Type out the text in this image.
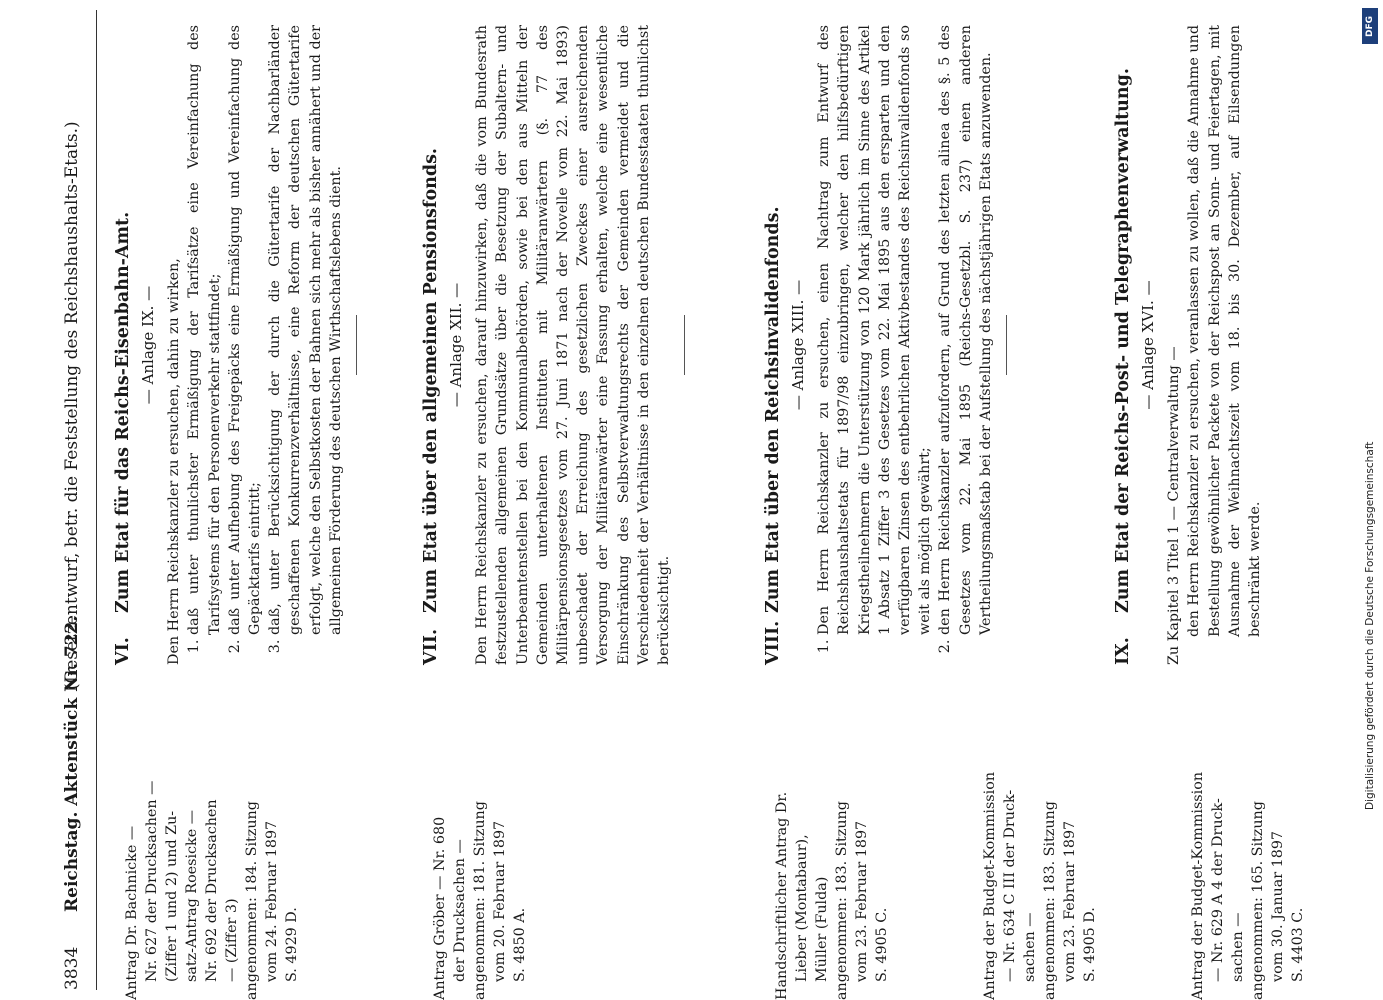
3834
Reichstag. Aktenstück Nr. 722.
(Gesetzentwurf, betr. die Feststellung des Reichshaushalts-Etats.)

Antrag Dr. Bachnicke — Nr. 627 der Drucksachen — (Ziffer 1 und 2) und Zu- satz-Antrag Roesicke — Nr. 692 der Drucksachen — (Ziffer 3) angenommen: 184. Sitzung vom 24. Februar 1897 S. 4929 D.

VI.Zum Etat für das Reichs-Eisenbahn-Amt. — Anlage IX. — Den Herrn Reichskanzler zu ersuchen, dahin zu wirken, 1. daß unter thunlichster Ermäßigung der Tarifsätze eine Vereinfachung des Tarifsystems für den Personenverkehr stattfindet; 2. daß unter Aufhebung des Freigepäcks eine Ermäßigung und Vereinfachung des Gepäcktarifs eintritt; 3. daß, unter Berücksichtigung der durch die Gütertarife der Nachbarländer geschaffenen Konkurrenzverhältnisse, eine Reform der deutschen Gütertarife erfolgt, welche den Selbstkosten der Bahnen sich mehr als bisher annähert und der allgemeinen Förderung des deutschen Wirthschaftslebens dient.

Antrag Gröber — Nr. 680 der Drucksachen — angenommen: 181. Sitzung vom 20. Februar 1897 S. 4850 A.

VII.Zum Etat über den allgemeinen Pensionsfonds. — Anlage XII. — Den Herrn Reichskanzler zu ersuchen, darauf hinzuwirken, daß die vom Bundesrath festzustellenden allgemeinen Grundsätze über die Besetzung der Subaltern- und Unterbeamtenstellen bei den Kommunalbehörden, sowie bei den aus Mitteln der Gemeinden unterhaltenen Instituten mit Militäranwärtern (§. 77 des Militärpensionsgesetzes vom 27. Juni 1871 nach der Novelle vom 22. Mai 1893) unbeschadet der Erreichung des gesetzlichen Zweckes einer ausreichenden Versorgung der Militäranwärter eine Fassung erhalten, welche eine wesentliche Einschränkung des Selbstverwaltungsrechts der Gemeinden vermeidet und die Verschiedenheit der Verhältnisse in den einzelnen deutschen Bundesstaaten thunlichst berücksichtigt.

Handschriftlicher Antrag Dr. Lieber (Montabaur), Müller (Fulda) angenommen: 183. Sitzung vom 23. Februar 1897 S. 4905 C.	Antrag der Budget-Kommission — Nr. 634 C III der Druck- sachen — angenommen: 183. Sitzung vom 23. Februar 1897 S. 4905 D.

VIII.Zum Etat über den Reichsinvalidenfonds. — Anlage XIII. — 1. Den Herrn Reichskanzler zu ersuchen, einen Nachtrag zum Entwurf des Reichshaushaltsetats für 1897/98 einzubringen, welcher den hilfsbedürftigen Kriegstheilnehmern die Unterstützung von 120 Mark jährlich im Sinne des Artikel 1 Absatz 1 Ziffer 3 des Gesetzes vom 22. Mai 1895 aus den ersparten und den verfügbaren Zinsen des entbehrlichen Aktivbestandes des Reichsinvalidenfonds so weit als möglich gewährt; 2. den Herrn Reichskanzler aufzufordern, auf Grund des letzten alinea des §. 5 des Gesetzes vom 22. Mai 1895 (Reichs-Gesetzbl. S. 237) einen anderen Vertheilungsmaßstab bei der Aufstellung des nächstjährigen Etats anzuwenden.

Antrag der Budget-Kommission — Nr. 629 A 4 der Druck- sachen — angenommen: 165. Sitzung vom 30. Januar 1897 S. 4403 C.

IX.Zum Etat der Reichs-Post- und Telegraphenverwaltung. — Anlage XVI. —

Zu Kapitel 3 Titel 1 — Centralverwaltung — den Herrn Reichskanzler zu ersuchen, veranlassen zu wollen, daß die Annahme und Bestellung gewöhnlicher Packete von der Reichspost an Sonn- und Feiertagen, mit Ausnahme der Weihnachtszeit vom 18. bis 30. Dezember, auf Eilsendungen beschränkt werde.

DFG
Digitalisierung gefördert durch die Deutsche Forschungsgemeinschaft
